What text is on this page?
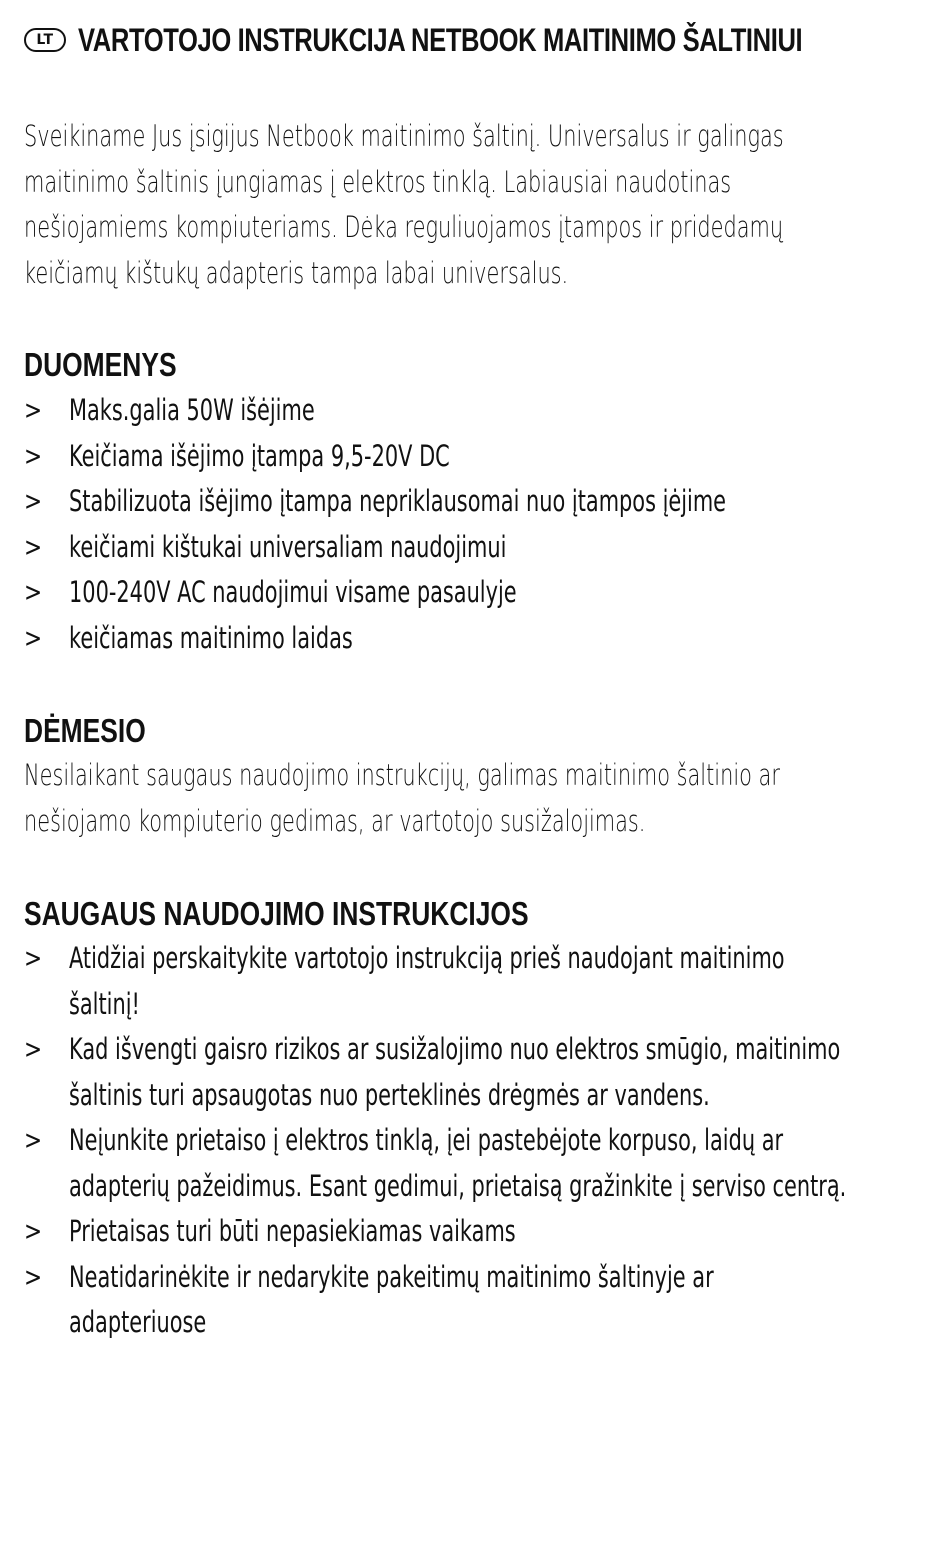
LT VARTOTOJO INSTRUKCIJA NETBOOK MAITINIMO ŠALTINIUI
Sveikiname Jus įsigijus Netbook maitinimo šaltinį. Universalus ir galingas maitinimo šaltinis įungiamas į elektros tinklą. Labiausiai naudotinas nešiojamiems kompiuteriams. Dėka reguliuojamos įtampos ir pridedamų keičiamų kištukų adapteris tampa labai universalus.
DUOMENYS
> Maks.galia 50W išėjime
> Keičiama išėjimo įtampa 9,5-20V DC
> Stabilizuota išėjimo įtampa nepriklausomai nuo įtampos įėjime
> keičiami kištukai universaliam naudojimui
> 100-240V AC naudojimui visame pasaulyje
> keičiamas maitinimo laidas
DĖMESIO
Nesilaikant saugaus naudojimo instrukcijų, galimas maitinimo šaltinio ar nešiojamo kompiuterio gedimas, ar vartotojo susižalojimas.
SAUGAUS NAUDOJIMO INSTRUKCIJOS
> Atidžiai perskaitykite vartotojo instrukciją prieš naudojant maitinimo šaltinį!
> Kad išvengti gaisro rizikos ar susižalojimo nuo elektros smūgio, maitinimo šaltinis turi apsaugotas nuo perteklinės drėgmės ar vandens.
> Neįunkite prietaiso į elektros tinklą, įei pastebėjote korpuso, laidų ar adapterių pažeidimus. Esant gedimui, prietaisą gražinkite į serviso centrą.
> Prietaisas turi būti nepasiekiamas vaikams
> Neatidarinėkite ir nedarykite pakeitimų maitinimo šaltinyje ar adapteriuose
